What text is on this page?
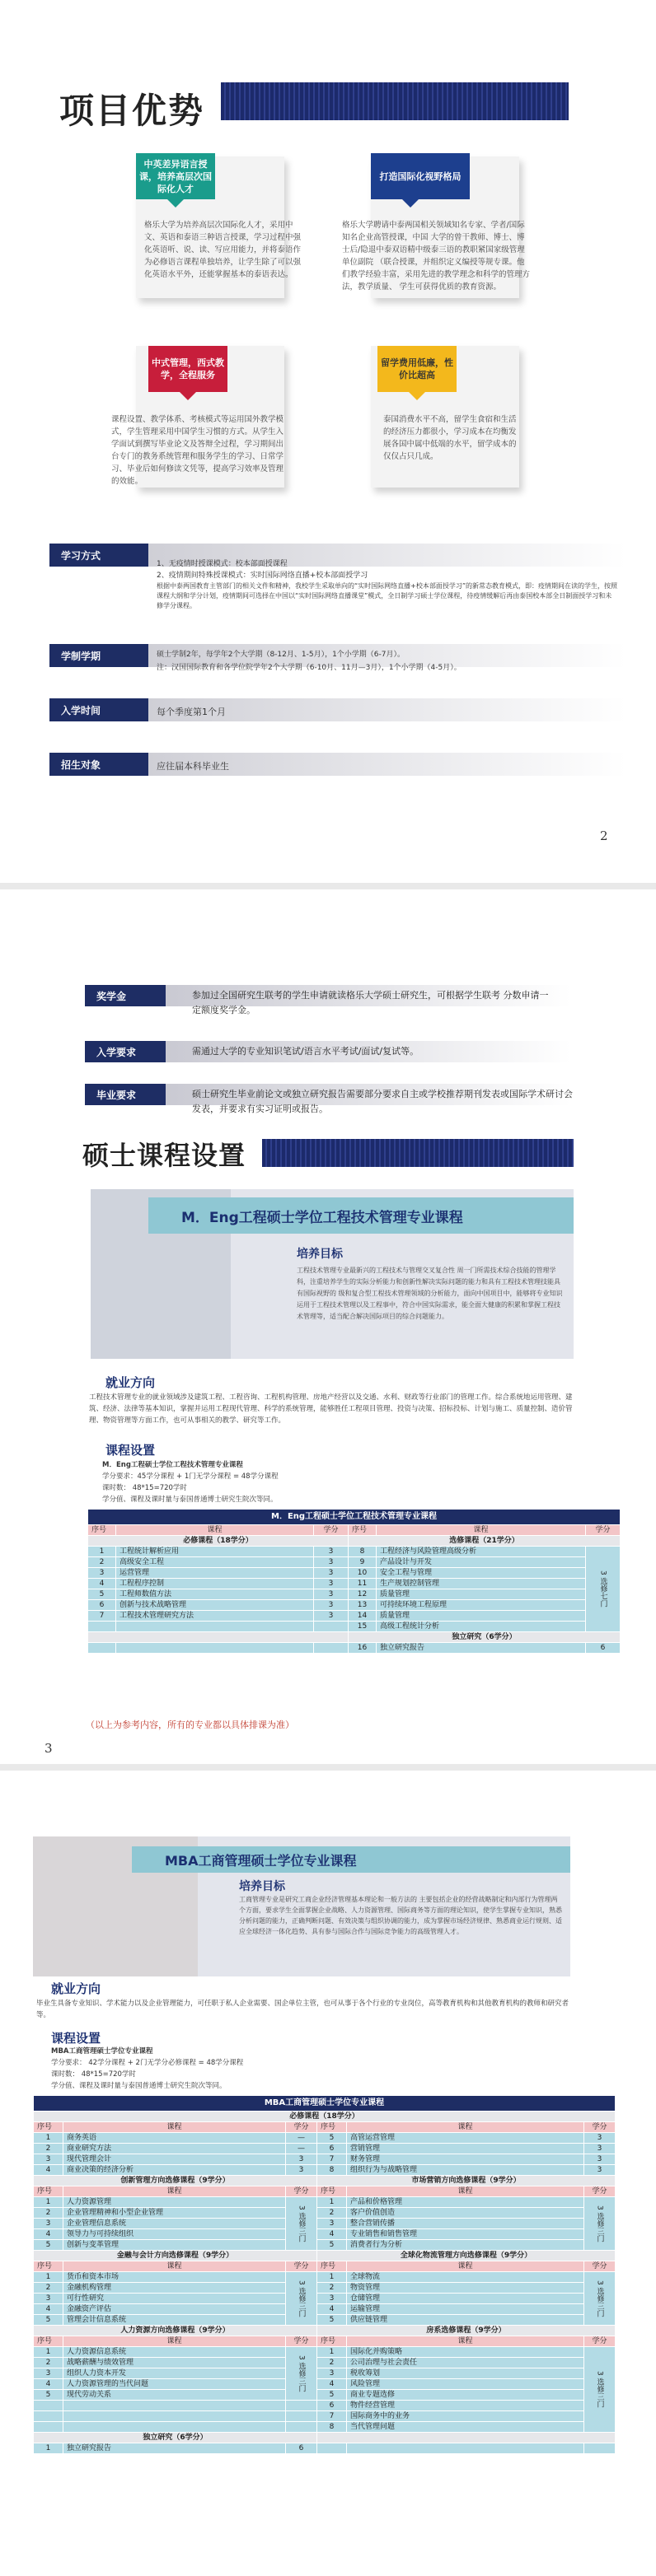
项目优势
中英差异语言授课，培养高层次国际化人才
格乐大学为培养高层次国际化人才，采用中文、英语和泰语三种语言授课，学习过程中强化英语听、说、读、写应用能力，并将泰语作为必修语言课程单独培养，让学生除了可以强化英语水平外，还能掌握基本的泰语表达。
打造国际化视野格局
格乐大学聘请中泰两国相关领域知名专家、学者/国际知名企业高管授课，中国 大学的曾干教师、博士、博士后/隐退中泰双语精中级泰三语的教职紧国家级管理单位副院 （联合授课，并组织定义编授等规专课。他们教学经验丰富，采用先进的教学理念和科学的管理方法，教学质量、 学生可获得优质的教育资源。
中式管理，西式教学，全程服务
课程设置、教学体系、考核模式等运用国外教学模式，学生管理采用中国学生习惯的方式。从学生入学面试到撰写毕业论文及答辩全过程，学习期间出台专门的教务系统管理和服务学生的学习、日常学习、毕业后如何修读文凭等，提高学习效率及管理的效能。
留学费用低廉，性价比超高
泰国消费水平不高，留学生食宿和生活的经济压力都很小，学习成本在均衡发展各国中属中低端的水平，留学成本的仅仅占只几成。
学习方式
1、无疫情时授课模式：校本部面授课程
2、疫情期间特殊授课模式：实时国际网络直播+校本部面授学习
根据中泰两国教育主管部门的相关文件和精神，我校学生采取单向的“实时国际网络直播+校本部面授学习”的新常态教育模式，即：疫情期间在读的学生，按照课程大纲和学分计划，疫情期间可选择在中国以“实时国际网络直播课堂”模式，全日制学习硕士学位课程，待疫情缓解后再由泰国校本部全日制面授学习和未修学分课程。
学制学期	硕士学制2年，每学年2个大学期（8-12月、1-5月），1个小学期（6-7月）。
注：汉国国际教育和各学位院学年2个大学期（6-10月、11月—3月），1个小学期（4-5月）。
入学时间	每个季度第1个月
招生对象	应往届本科毕业生
2
奖学金	参加过全国研究生联考的学生申请就读格乐大学硕士研究生，可根据学生联考 分数申请一定额度奖学金。
入学要求	需通过大学的专业知识笔试/语言水平考试/面试/复试等。
毕业要求	硕士研究生毕业前论文或独立研究报告需要部分要求自主或学校推荐期刊发表或国际学术研讨会发表，并要求有实习证明或报告。
硕士课程设置
M．Eng工程硕士学位工程技术管理专业课程
培养目标
工程技术管理专业最新兴的工程技术与管理交叉复合性 周一门所需技术综合技能的管理学科，注重培养学生的实际分析能力和创新性解决实际问题的能力和具有工程技术管理技能具有国际视野的 级和复合型工程技术管理领域的分析能力，面向中国项目中，能够将专业知识运用于工程技术管理以及工程事中，符合中国实际需求，能全面大健康的积累和掌握工程技术管理等，适当配合解决国际项目的综合问题能力。
就业方向
工程技术管理专业的就业领域涉及建筑工程、工程咨询、工程机构管理、房地产经营以及交通、水利、财政等行业部门的管理工作。综合系统地运用管理、建筑、经济、法律等基本知识，掌握并运用工程现代管理、科学的系统管理，能够胜任工程项目管理、投资与决策、招标投标、计划与施工、质量控制、造价管理、物资管理等方面工作，也可从事相关的教学、研究等工作。
课程设置
M．Eng工程硕士学位工程技术管理专业课程
学分要求：45学分课程 + 1门无学分课程 = 48学分课程
课时数： 48*15=720学时
学分值、课程及课时量与泰国普通博士研究生院次等同。
M．Eng工程硕士学位工程技术管理专业课程					
序号	课程	学分	序号	课程	学分
必修课程（18学分）			选修课程（21学分）		
1	工程统计解析应用	3	8	工程经济与风险管理高级分析	3 选修七门
2	高级安全工程	3	9	产品设计与开发	
3	运营管理	3	10	安全工程与管理	
4	工程程序控制	3	11	生产规划控制管理	
5	工程师数值方法	3	12	质量管理	
6	创新与技术战略管理	3	13	可持续环境工程原理	
7	工程技术管理研究方法	3	14	质量管理	
			15	高级工程统计分析	
			独立研究（6学分）		
			16	独立研究报告	6
（以上为参考内容，所有的专业都以具体排课为准）
3
MBA工商管理硕士学位专业课程
培养目标
工商管理专业是研究工商企业经济管理基本理论和一般方法的 主要包括企业的经营战略制定和内部行为管理两个方面，要求学生全面掌握企业战略、人力资源管理、国际商务等方面的理论知识，使学生掌握专业知识，熟悉分析问题的能力，正确判断问题、有效决策与组织协调的能力，成为掌握市场经济规律、熟悉商业运行规则、适应全球经济一体化趋势、具有参与国际合作与国际竞争能力的高级管理人才。
就业方向
毕业生具备专业知识、学术能力以及企业管理能力，可任职于私人企业需要、国企单位主管，也可从事于各个行业的专业岗位，高等教育机构和其他教育机构的教师和研究者等。
课程设置
MBA工商管理硕士学位专业课程
学分要求： 42学分课程 + 2门无学分必修课程 = 48学分课程
课时数： 48*15=720学时
学分值、课程及课时量与泰国普通博士研究生院次等同。
MBA工商管理硕士学位专业课程					
必修课程（18学分）					
序号	课程	学分	序号	课程	学分
1	商务英语	—	5	高管运营管理	3
2	商业研究方法	—	6	营销管理	3
3	现代管理会计	3	7	财务管理	3
4	商业决策的经济分析	3	8	组织行为与战略管理	3
创新管理方向选修课程（9学分）			市场营销方向选修课程（9学分）		
序号	课程	学分	序号	课程	学分
1	人力资源管理	3 选修三门	1	产品和价格管理	3 选修三门
2	企业管理精神和小型企业管理		2	客户价值创造	
3	企业管理信息系统		3	整合营销传播	
4	领导力与可持续组织		4	专业销售和销售管理	
5	创新与变革管理		5	消费者行为分析	
金融与会计方向选修课程（9学分）			全球化物流管理方向选修课程（9学分）		
序号	课程	学分	序号	课程	学分
1	货币和资本市场	3 选修三门	1	全球物流	3 选修三门
2	金融机构管理		2	物资管理	
3	可行性研究		3	仓储管理	
4	金融资产评估		4	运输管理	
5	管理会计信息系统		5	供应链管理	
人力资源方向选修课程（9学分）			房系选修课程（9学分）		
序号	课程	学分	序号	课程	学分
1	人力资源信息系统	3 选修三门	1	国际化并购策略	3 选修三门
2	战略薪酬与绩效管理		2	公司治理与社会责任	
3	组织人力资本开发		3	税收筹划	
4	人力资源管理的当代问题		4	风险管理	
5	现代劳动关系		5	商业专题选修	
			6	物件经营管理	
			7	国际商务中的业务	
			8	当代管理问题	
独立研究（6学分）					
1	独立研究报告	6			
